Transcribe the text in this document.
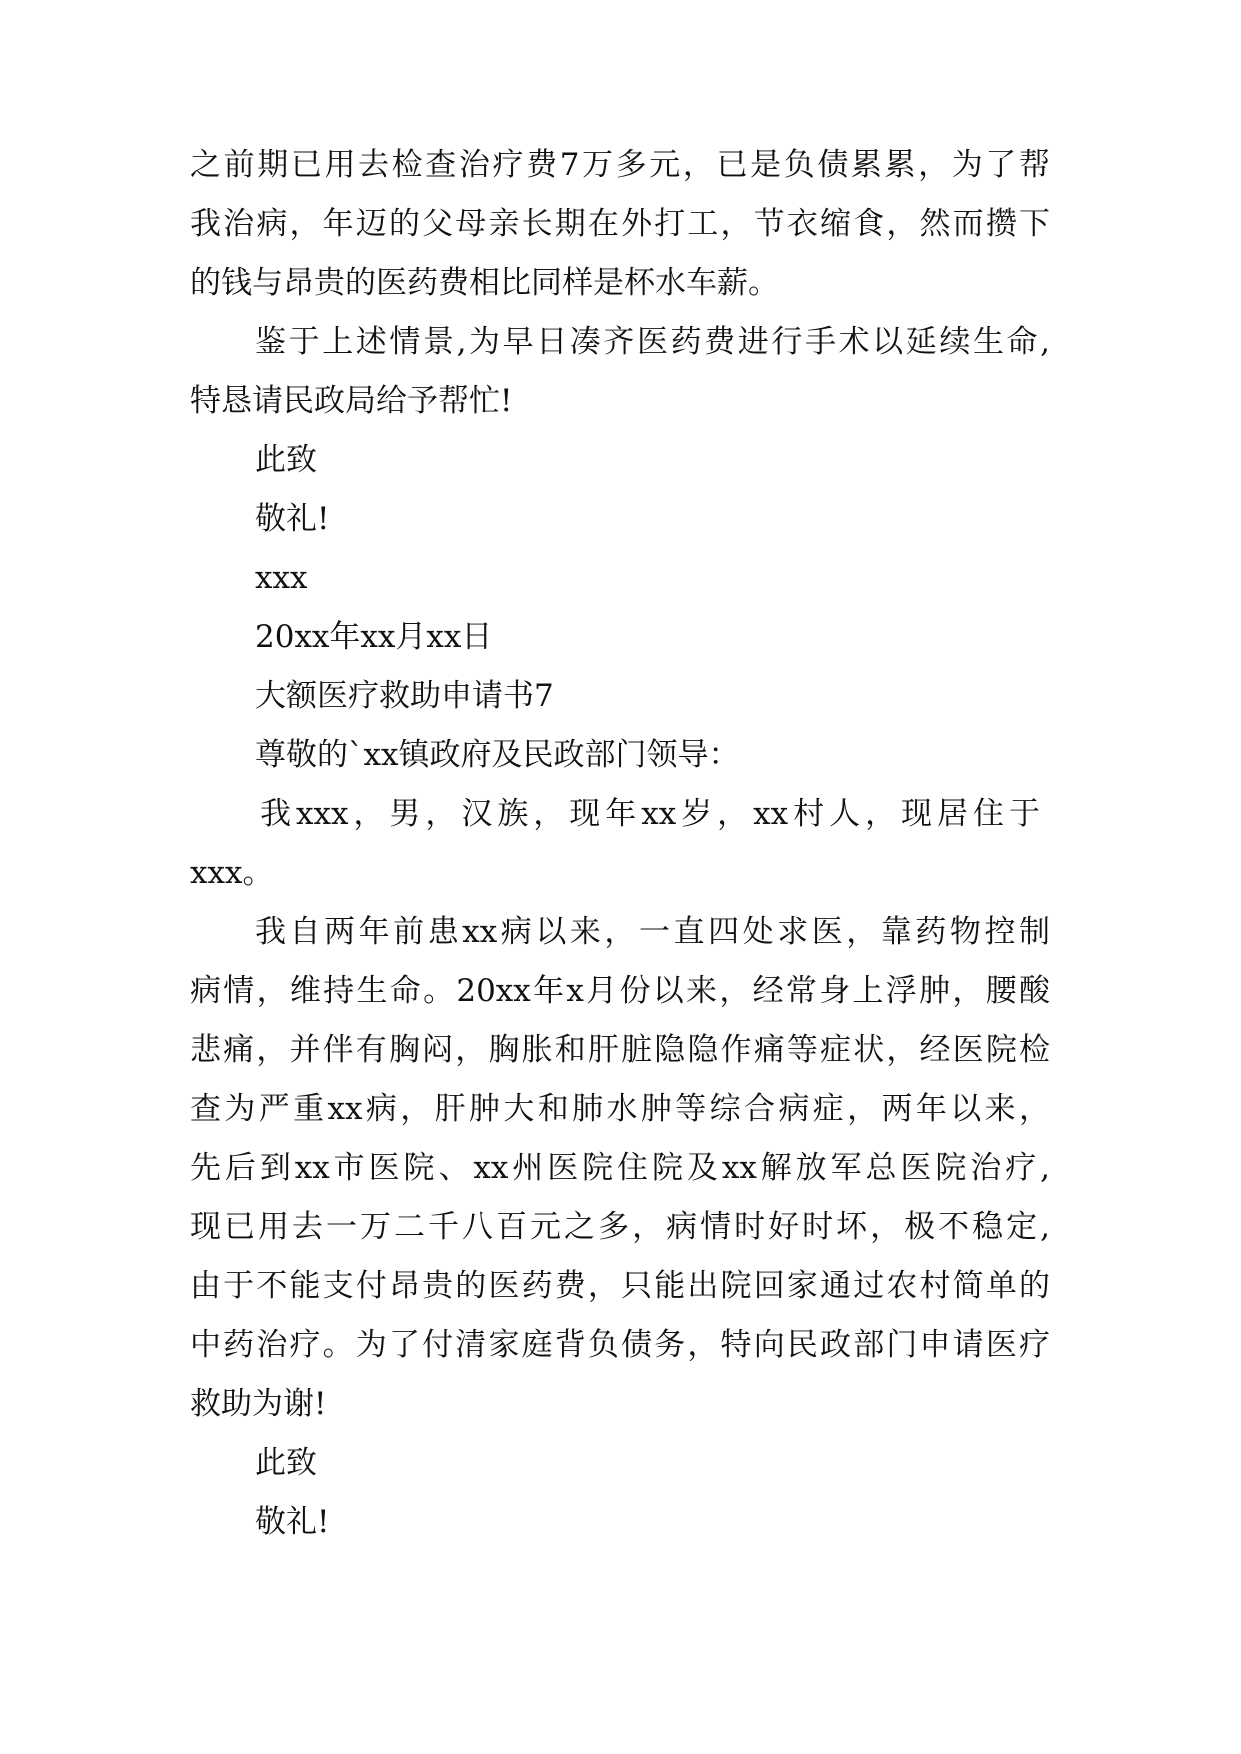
之前期已用去检查治疗费7万多元，已是负债累累，为了帮
我治病，年迈的父母亲长期在外打工，节衣缩食，然而攒下
的钱与昂贵的医药费相比同样是杯水车薪。
鉴于上述情景,为早日凑齐医药费进行手术以延续生命,
特恳请民政局给予帮忙!
此致
敬礼!
xxx
20xx年xx月xx日
大额医疗救助申请书7
尊敬的`xx镇政府及民政部门领导：
我xxx，男，汉族，现年xx岁，xx村人，现居住于
xxx。
我自两年前患xx病以来，一直四处求医，靠药物控制
病情，维持生命。20xx年x月份以来，经常身上浮肿，腰酸
悲痛，并伴有胸闷，胸胀和肝脏隐隐作痛等症状，经医院检
查为严重xx病，肝肿大和肺水肿等综合病症，两年以来，
先后到xx市医院、xx州医院住院及xx解放军总医院治疗,
现已用去一万二千八百元之多，病情时好时坏，极不稳定,
由于不能支付昂贵的医药费，只能出院回家通过农村简单的
中药治疗。为了付清家庭背负债务，特向民政部门申请医疗
救助为谢!
此致
敬礼!
